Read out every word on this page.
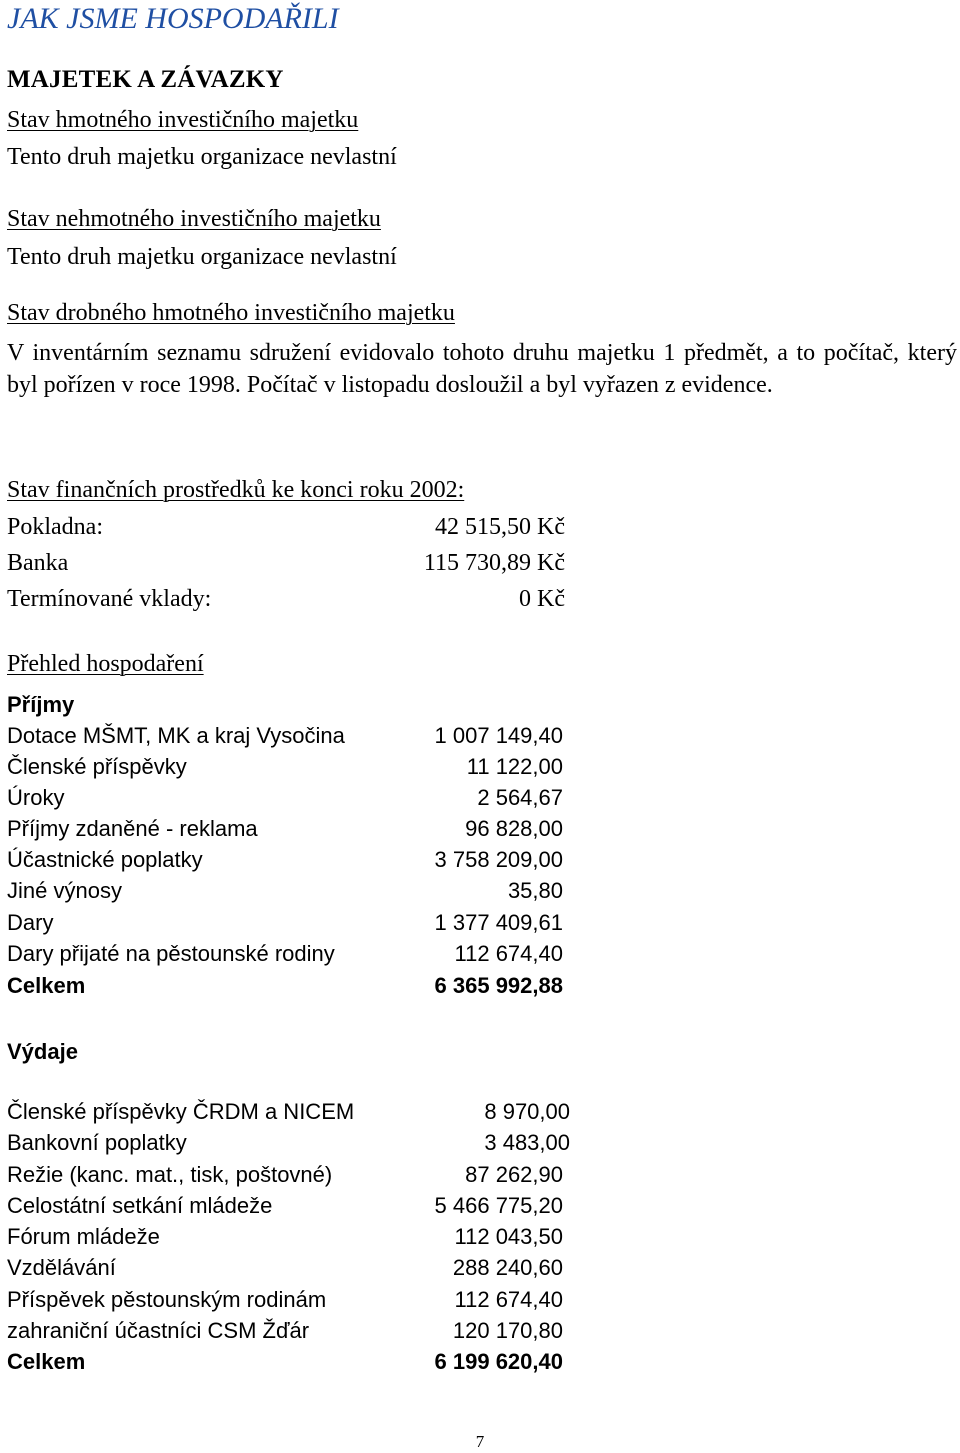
JAK JSME HOSPODAŘILI
MAJETEK A ZÁVAZKY
Stav hmotného investičního majetku
Tento druh majetku organizace nevlastní
Stav nehmotného investičního majetku
Tento druh majetku organizace nevlastní
Stav drobného hmotného investičního majetku
V inventárním seznamu sdružení evidovalo tohoto druhu majetku 1 předmět, a to počítač, který byl pořízen v roce 1998. Počítač v listopadu dosloužil a byl vyřazen z evidence.
Stav finančních prostředků ke konci roku 2002:
Pokladna:	42 515,50 Kč
Banka	115 730,89 Kč
Termínované vklady:	0 Kč
Přehled hospodaření
Příjmy
Dotace MŠMT, MK a kraj Vysočina	1 007 149,40
Členské příspěvky	11 122,00
Úroky	2 564,67
Příjmy zdaněné - reklama	96 828,00
Účastnické poplatky	3 758 209,00
Jiné výnosy	35,80
Dary	1 377 409,61
Dary přijaté na pěstounské rodiny	112 674,40
Celkem	6 365 992,88
Výdaje
Členské příspěvky ČRDM a NICEM	8 970,00
Bankovní poplatky	3 483,00
Režie (kanc. mat., tisk, poštovné)	87 262,90
Celostátní setkání mládeže	5 466 775,20
Fórum mládeže	112 043,50
Vzdělávání	288 240,60
Příspěvek pěstounským rodinám	112 674,40
zahraniční účastníci CSM Žďár	120 170,80
Celkem	6 199 620,40
7
